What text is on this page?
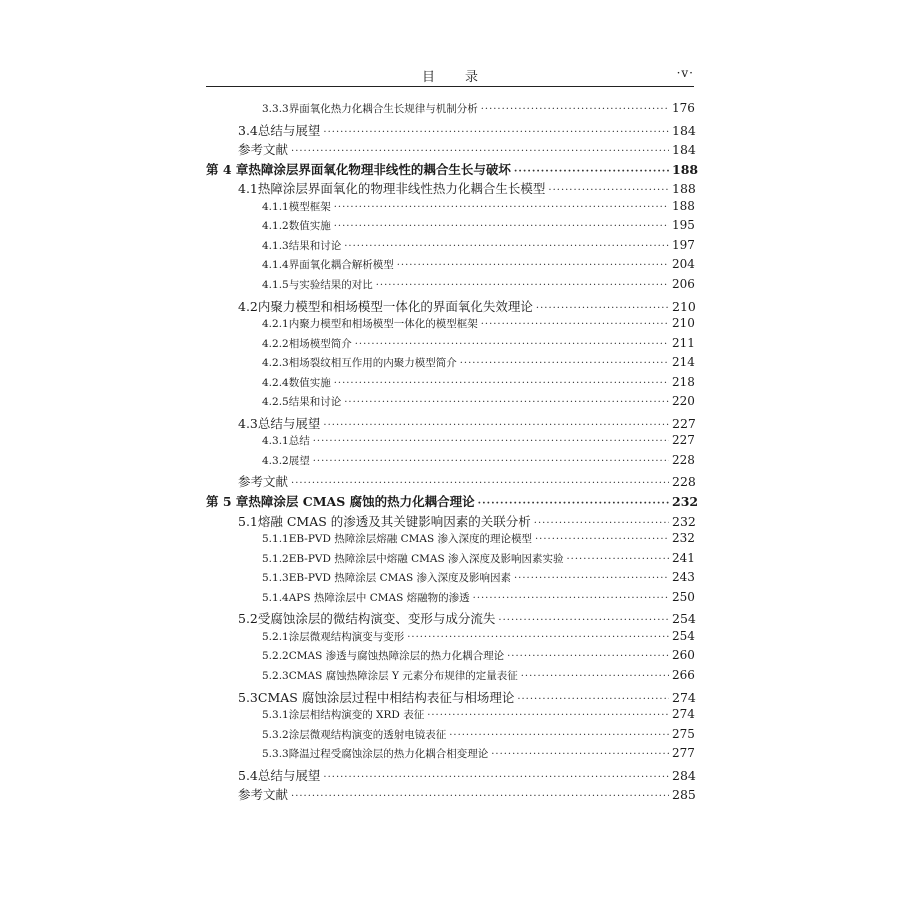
目录	·v·
3.3.3 界面氧化热力化耦合生长规律与机制分析 ·····	176
3.4 总结与展望 ·····	184
参考文献 ·····	184
第 4 章 热障涂层界面氧化物理非线性的耦合生长与破坏 ·····	188
4.1 热障涂层界面氧化的物理非线性热力化耦合生长模型 ·····	188
4.1.1 模型框架 ·····	188
4.1.2 数值实施 ·····	195
4.1.3 结果和讨论 ·····	197
4.1.4 界面氧化耦合解析模型 ·····	204
4.1.5 与实验结果的对比 ·····	206
4.2 内聚力模型和相场模型一体化的界面氧化失效理论 ·····	210
4.2.1 内聚力模型和相场模型一体化的模型框架 ·····	210
4.2.2 相场模型简介 ·····	211
4.2.3 相场裂纹相互作用的内聚力模型简介 ·····	214
4.2.4 数值实施 ·····	218
4.2.5 结果和讨论 ·····	220
4.3 总结与展望 ·····	227
4.3.1 总结 ·····	227
4.3.2 展望 ·····	228
参考文献 ·····	228
第 5 章 热障涂层 CMAS 腐蚀的热力化耦合理论 ·····	232
5.1 熔融 CMAS 的渗透及其关键影响因素的关联分析 ·····	232
5.1.1 EB-PVD 热障涂层熔融 CMAS 渗入深度的理论模型 ·····	232
5.1.2 EB-PVD 热障涂层中熔融 CMAS 渗入深度及影响因素实验 ·····	241
5.1.3 EB-PVD 热障涂层 CMAS 渗入深度及影响因素 ·····	243
5.1.4 APS 热障涂层中 CMAS 熔融物的渗透 ·····	250
5.2 受腐蚀涂层的微结构演变、变形与成分流失 ·····	254
5.2.1 涂层微观结构演变与变形 ·····	254
5.2.2 CMAS 渗透与腐蚀热障涂层的热力化耦合理论 ·····	260
5.2.3 CMAS 腐蚀热障涂层 Y 元素分布规律的定量表征 ·····	266
5.3 CMAS 腐蚀涂层过程中相结构表征与相场理论 ·····	274
5.3.1 涂层相结构演变的 XRD 表征 ·····	274
5.3.2 涂层微观结构演变的透射电镜表征 ·····	275
5.3.3 降温过程受腐蚀涂层的热力化耦合相变理论 ·····	277
5.4 总结与展望 ·····	284
参考文献 ·····	285
